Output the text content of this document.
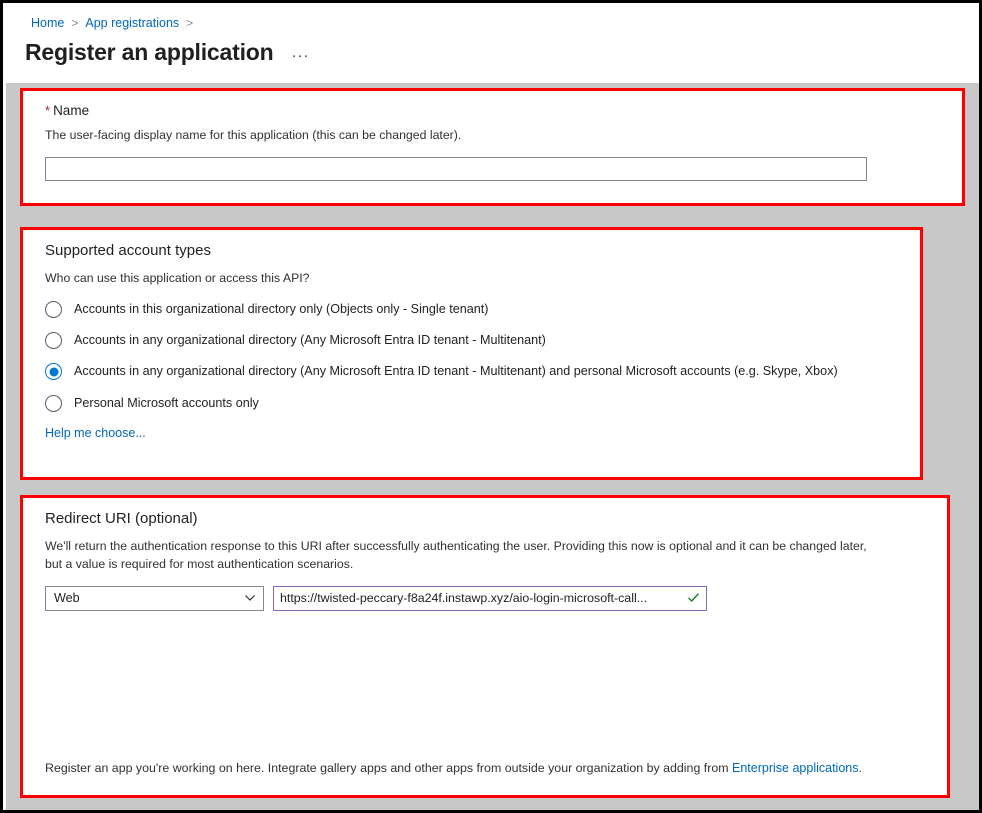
Home > App registrations >
Register an application ···
* Name
The user-facing display name for this application (this can be changed later).
Supported account types
Who can use this application or access this API?
Accounts in this organizational directory only (Objects only - Single tenant)
Accounts in any organizational directory (Any Microsoft Entra ID tenant - Multitenant)
Accounts in any organizational directory (Any Microsoft Entra ID tenant - Multitenant) and personal Microsoft accounts (e.g. Skype, Xbox)
Personal Microsoft accounts only
Help me choose...
Redirect URI (optional)
We'll return the authentication response to this URI after successfully authenticating the user. Providing this now is optional and it can be changed later, but a value is required for most authentication scenarios.
Web	https://twisted-peccary-f8a24f.instawp.xyz/aio-login-microsoft-call...
Register an app you're working on here. Integrate gallery apps and other apps from outside your organization by adding from Enterprise applications.
